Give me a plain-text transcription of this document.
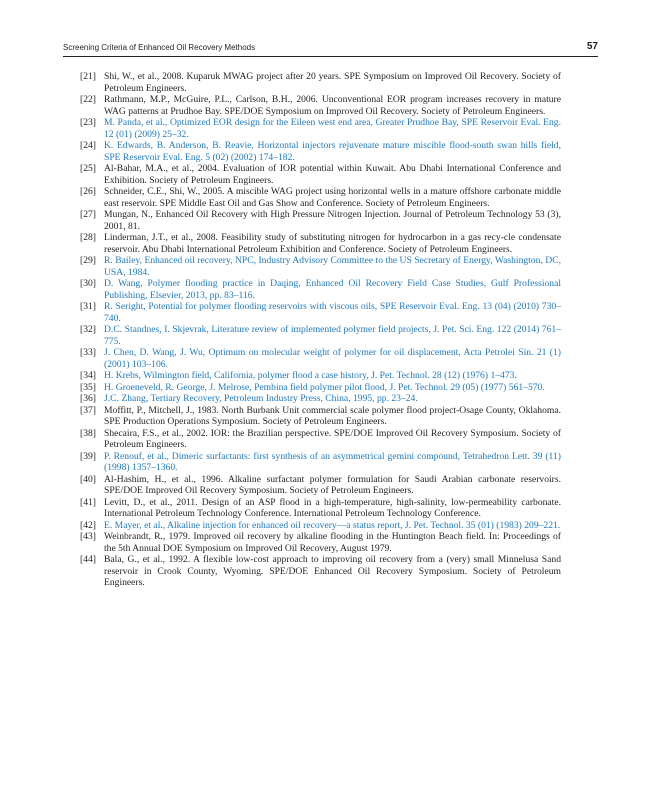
Screening Criteria of Enhanced Oil Recovery Methods	57
[21] Shi, W., et al., 2008. Kuparuk MWAG project after 20 years. SPE Symposium on Improved Oil Recovery. Society of Petroleum Engineers.
[22] Rathmann, M.P., McGuire, P.L., Carlson, B.H., 2006. Unconventional EOR program increases recovery in mature WAG patterns at Prudhoe Bay. SPE/DOE Symposium on Improved Oil Recovery. Society of Petroleum Engineers.
[23] M. Panda, et al., Optimized EOR design for the Eileen west end area, Greater Prudhoe Bay, SPE Reservoir Eval. Eng. 12 (01) (2009) 25–32.
[24] K. Edwards, B. Anderson, B. Reavie, Horizontal injectors rejuvenate mature miscible flood-south swan hills field, SPE Reservoir Eval. Eng. 5 (02) (2002) 174–182.
[25] Al-Bahar, M.A., et al., 2004. Evaluation of IOR potential within Kuwait. Abu Dhabi International Conference and Exhibition. Society of Petroleum Engineers.
[26] Schneider, C.E., Shi, W., 2005. A miscible WAG project using horizontal wells in a mature offshore carbonate middle east reservoir. SPE Middle East Oil and Gas Show and Conference. Society of Petroleum Engineers.
[27] Mungan, N., Enhanced Oil Recovery with High Pressure Nitrogen Injection. Journal of Petroleum Technology 53 (3), 2001, 81.
[28] Linderman, J.T., et al., 2008. Feasibility study of substituting nitrogen for hydrocarbon in a gas recy-cle condensate reservoir. Abu Dhabi International Petroleum Exhibition and Conference. Society of Petroleum Engineers.
[29] R. Bailey, Enhanced oil recovery, NPC, Industry Advisory Committee to the US Secretary of Energy, Washington, DC, USA, 1984.
[30] D. Wang, Polymer flooding practice in Daqing, Enhanced Oil Recovery Field Case Studies, Gulf Professional Publishing, Elsevier, 2013, pp. 83–116.
[31] R. Seright, Potential for polymer flooding reservoirs with viscous oils, SPE Reservoir Eval. Eng. 13 (04) (2010) 730–740.
[32] D.C. Standnes, I. Skjevrak, Literature review of implemented polymer field projects, J. Pet. Sci. Eng. 122 (2014) 761–775.
[33] J. Chen, D. Wang, J. Wu, Optimum on molecular weight of polymer for oil displacement, Acta Petrolei Sin. 21 (1) (2001) 103–106.
[34] H. Krebs, Wilmington field, California, polymer flood a case history, J. Pet. Technol. 28 (12) (1976) 1–473.
[35] H. Groeneveld, R. George, J. Melrose, Pembina field polymer pilot flood, J. Pet. Technol. 29 (05) (1977) 561–570.
[36] J.C. Zhang, Tertiary Recovery, Petroleum Industry Press, China, 1995, pp. 23–24.
[37] Moffitt, P., Mitchell, J., 1983. North Burbank Unit commercial scale polymer flood project-Osage County, Oklahoma. SPE Production Operations Symposium. Society of Petroleum Engineers.
[38] Shecaira, F.S., et al., 2002. IOR: the Brazilian perspective. SPE/DOE Improved Oil Recovery Symposium. Society of Petroleum Engineers.
[39] P. Renouf, et al., Dimeric surfactants: first synthesis of an asymmetrical gemini compound, Tetrahedron Lett. 39 (11) (1998) 1357–1360.
[40] Al-Hashim, H., et al., 1996. Alkaline surfactant polymer formulation for Saudi Arabian carbonate reservoirs. SPE/DOE Improved Oil Recovery Symposium. Society of Petroleum Engineers.
[41] Levitt, D., et al., 2011. Design of an ASP flood in a high-temperature, high-salinity, low-permeability carbonate. International Petroleum Technology Conference. International Petroleum Technology Conference.
[42] E. Mayer, et al., Alkaline injection for enhanced oil recovery—a status report, J. Pet. Technol. 35 (01) (1983) 209–221.
[43] Weinbrandt, R., 1979. Improved oil recovery by alkaline flooding in the Huntington Beach field. In: Proceedings of the 5th Annual DOE Symposium on Improved Oil Recovery, August 1979.
[44] Bala, G., et al., 1992. A flexible low-cost approach to improving oil recovery from a (very) small Minnelusa Sand reservoir in Crook County, Wyoming. SPE/DOE Enhanced Oil Recovery Symposium. Society of Petroleum Engineers.
